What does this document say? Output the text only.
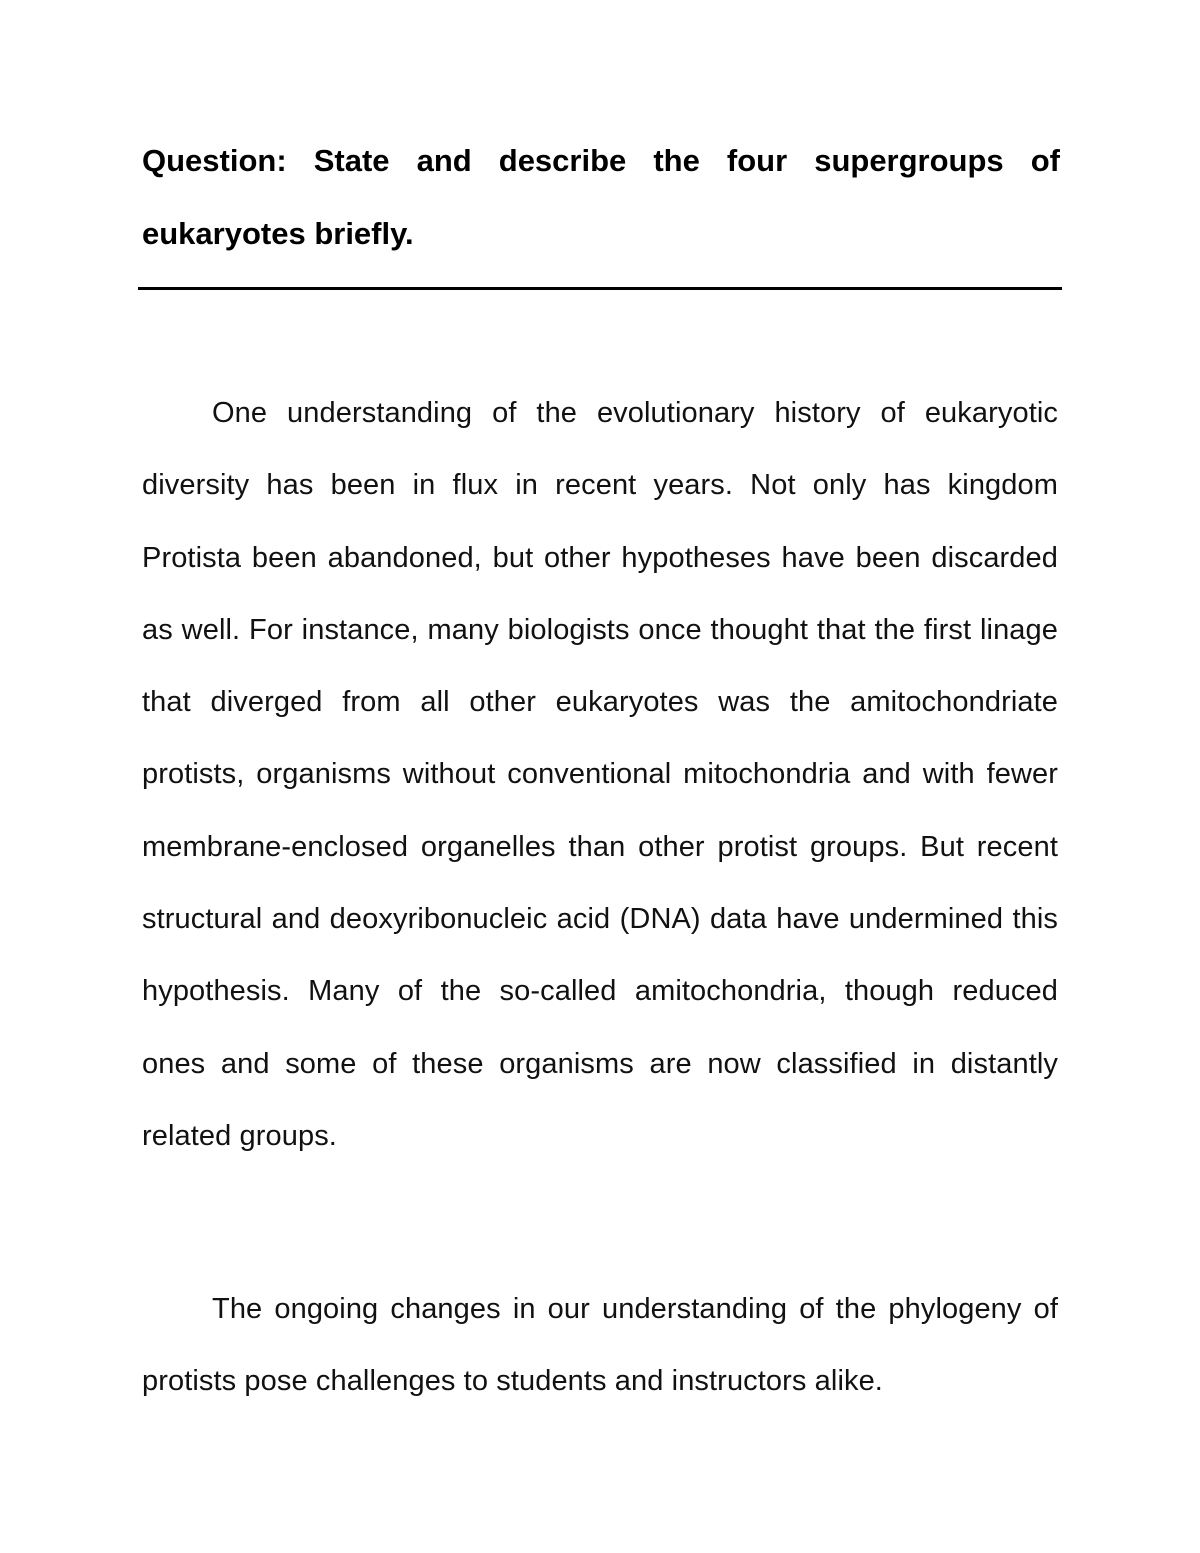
Question: State and describe the four supergroups of eukaryotes briefly.

One understanding of the evolutionary history of eukaryotic diversity has been in flux in recent years. Not only has kingdom Protista been abandoned, but other hypotheses have been discarded as well. For instance, many biologists once thought that the first linage that diverged from all other eukaryotes was the amitochondriate protists, organisms without conventional mitochondria and with fewer membrane-enclosed organelles than other protist groups. But recent structural and deoxyribonucleic acid (DNA) data have undermined this hypothesis. Many of the so-called amitochondria, though reduced ones and some of these organisms are now classified in distantly related groups.

The ongoing changes in our understanding of the phylogeny of protists pose challenges to students and instructors alike.
